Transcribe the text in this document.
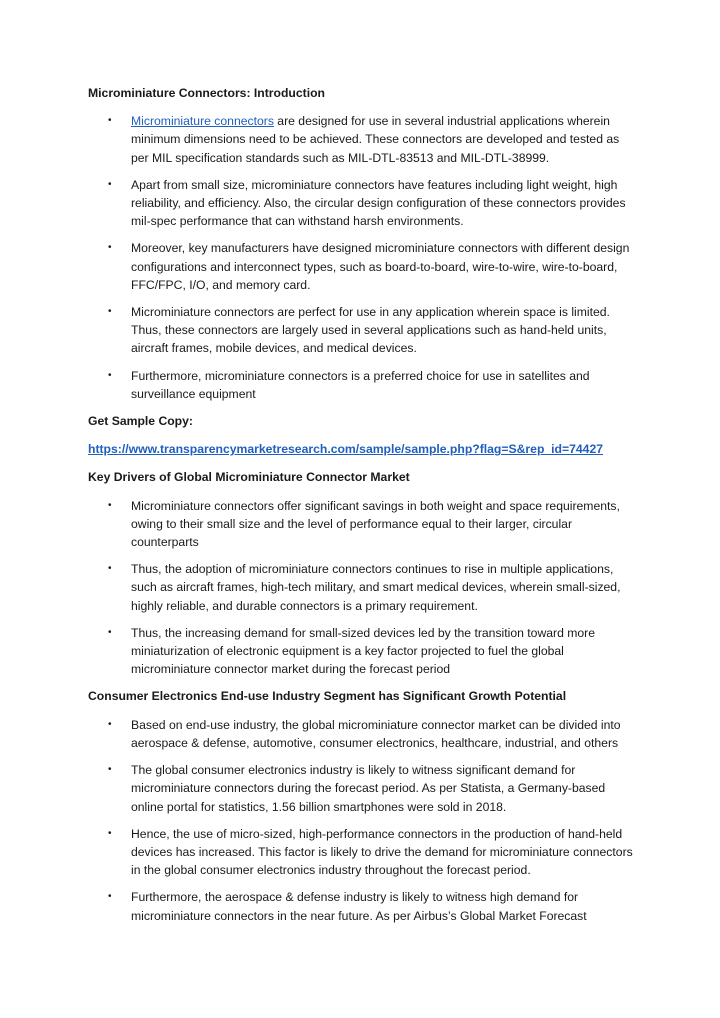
Microminiature Connectors: Introduction
• Microminiature connectors are designed for use in several industrial applications wherein minimum dimensions need to be achieved. These connectors are developed and tested as per MIL specification standards such as MIL-DTL-83513 and MIL-DTL-38999.
• Apart from small size, microminiature connectors have features including light weight, high reliability, and efficiency. Also, the circular design configuration of these connectors provides mil-spec performance that can withstand harsh environments.
• Moreover, key manufacturers have designed microminiature connectors with different design configurations and interconnect types, such as board-to-board, wire-to-wire, wire-to-board, FFC/FPC, I/O, and memory card.
• Microminiature connectors are perfect for use in any application wherein space is limited. Thus, these connectors are largely used in several applications such as hand-held units, aircraft frames, mobile devices, and medical devices.
• Furthermore, microminiature connectors is a preferred choice for use in satellites and surveillance equipment
Get Sample Copy:
https://www.transparencymarketresearch.com/sample/sample.php?flag=S&rep_id=74427
Key Drivers of Global Microminiature Connector Market
• Microminiature connectors offer significant savings in both weight and space requirements, owing to their small size and the level of performance equal to their larger, circular counterparts
• Thus, the adoption of microminiature connectors continues to rise in multiple applications, such as aircraft frames, high-tech military, and smart medical devices, wherein small-sized, highly reliable, and durable connectors is a primary requirement.
• Thus, the increasing demand for small-sized devices led by the transition toward more miniaturization of electronic equipment is a key factor projected to fuel the global microminiature connector market during the forecast period
Consumer Electronics End-use Industry Segment has Significant Growth Potential
• Based on end-use industry, the global microminiature connector market can be divided into aerospace & defense, automotive, consumer electronics, healthcare, industrial, and others
• The global consumer electronics industry is likely to witness significant demand for microminiature connectors during the forecast period. As per Statista, a Germany-based online portal for statistics, 1.56 billion smartphones were sold in 2018.
• Hence, the use of micro-sized, high-performance connectors in the production of hand-held devices has increased. This factor is likely to drive the demand for microminiature connectors in the global consumer electronics industry throughout the forecast period.
• Furthermore, the aerospace & defense industry is likely to witness high demand for microminiature connectors in the near future. As per Airbus’s Global Market Forecast
